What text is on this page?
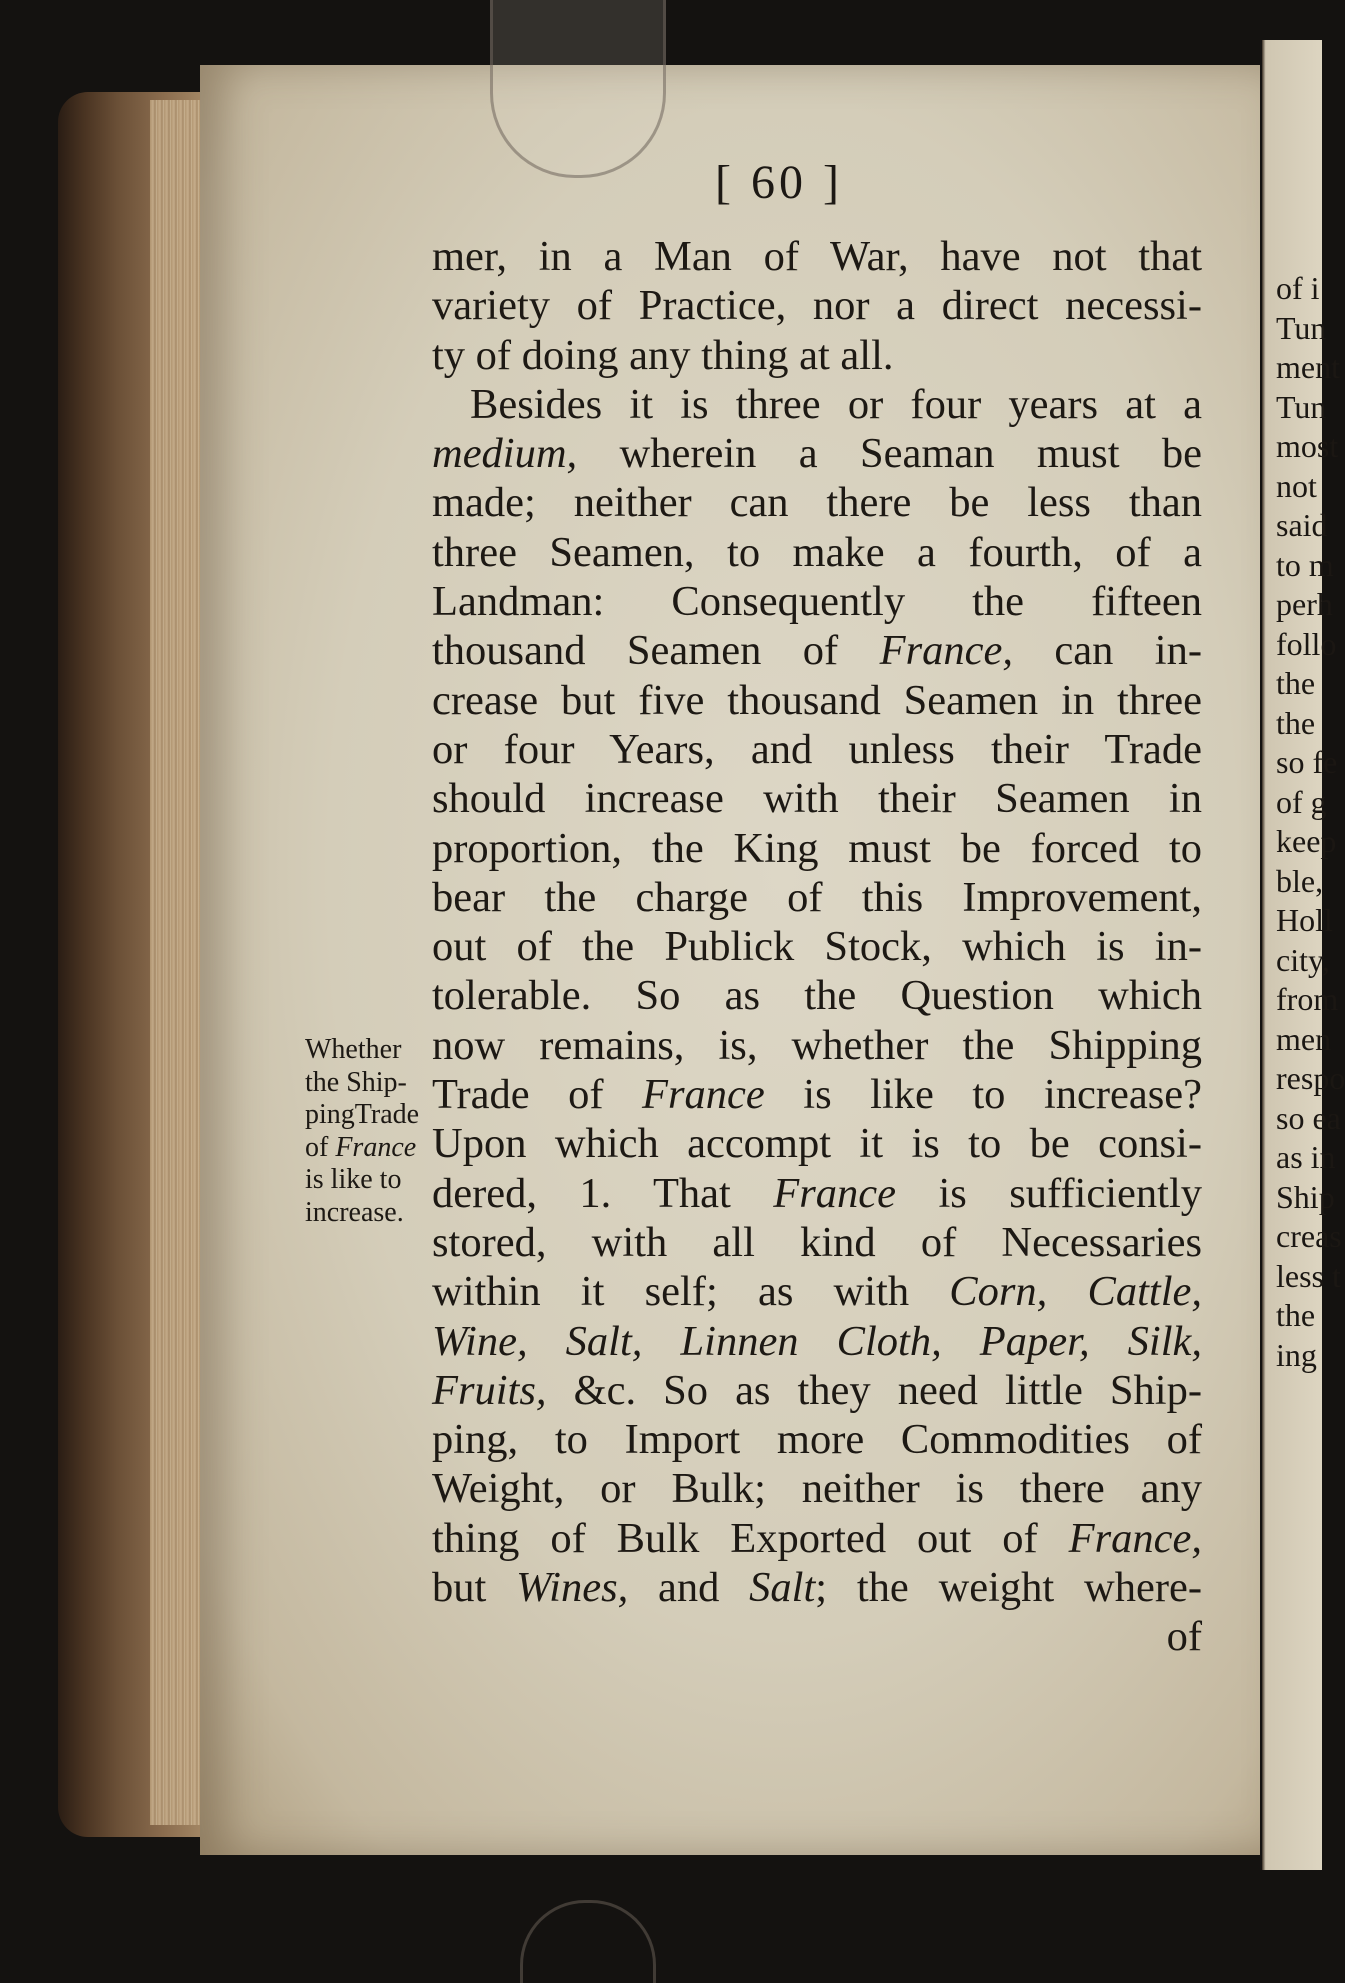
of i
Tun
ment
Tun
most
not
said
to m
perh
follo
the
the
so fe
of g
keep
ble,
Holl
city,
from
men
respo
so ea
as in
Ship
creas
less t
the
ing
[ 60 ]
mer, in a Man of War, have not that
variety of Practice, nor a direct necessi-
ty of doing any thing at all.
Besides it is three or four years at a
medium, wherein a Seaman must be
made; neither can there be less than
three Seamen, to make a fourth, of a
Landman: Consequently the fifteen
thousand Seamen of France, can in-
crease but five thousand Seamen in three
or four Years, and unless their Trade
should increase with their Seamen in
proportion, the King must be forced to
bear the charge of this Improvement,
out of the Publick Stock, which is in-
tolerable. So as the Question which
now remains, is, whether the Shipping
Trade of France is like to increase?
Upon which accompt it is to be consi-
dered, 1. That France is sufficiently
stored, with all kind of Necessaries
within it self; as with Corn, Cattle,
Wine, Salt, Linnen Cloth, Paper, Silk,
Fruits, &c. So as they need little Ship-
ping, to Import more Commodities of
Weight, or Bulk; neither is there any
thing of Bulk Exported out of France,
but Wines, and Salt; the weight where-
of
Whether
the Ship-
pingTrade
of France
is like to
increase.
